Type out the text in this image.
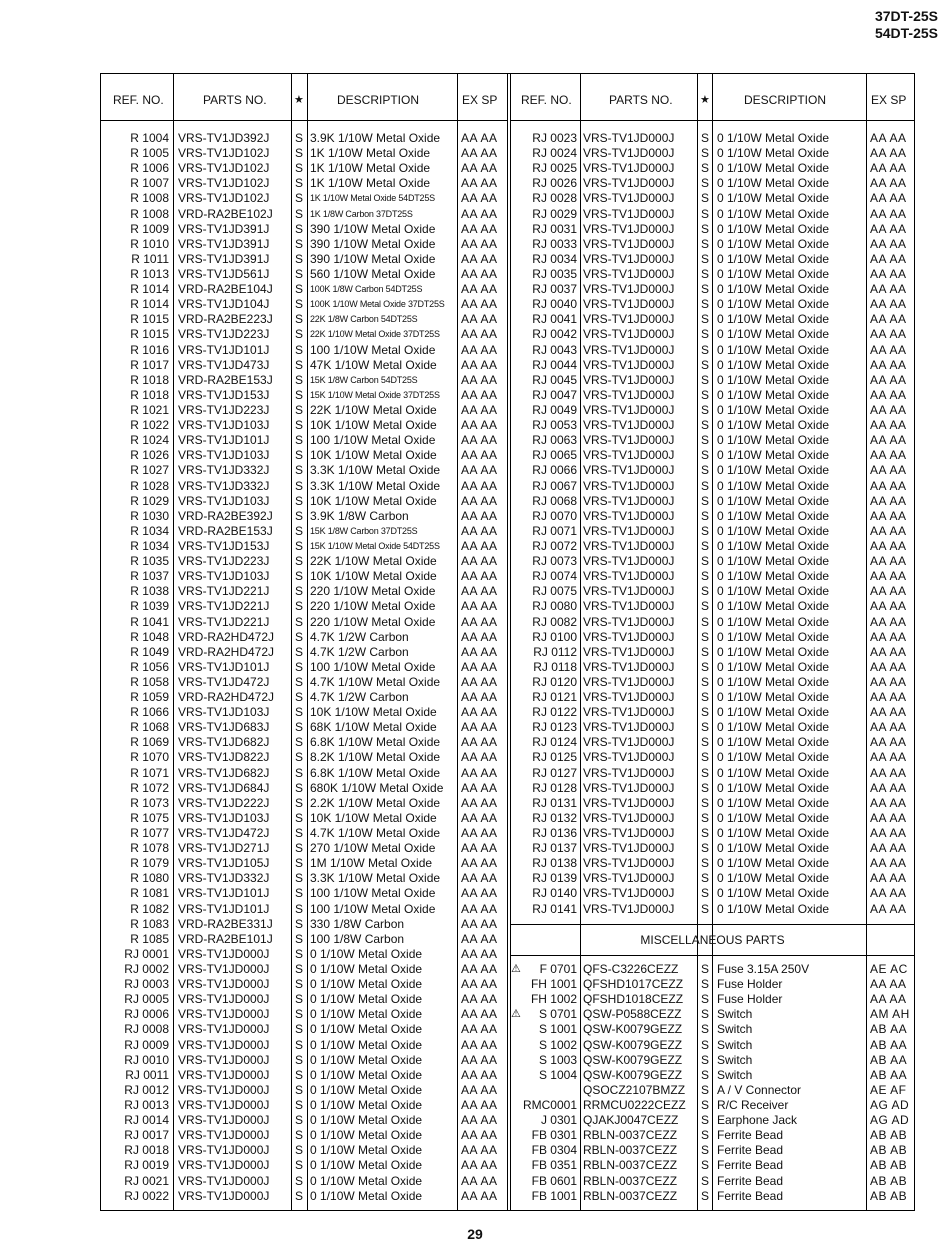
37DT-25S
54DT-25S
REF. NO.	PARTS NO. ★	DESCRIPTION	EX SP
R 1004 VRS-TV1JD392J S 3.9K 1/10W Metal Oxide	AA AA
R 1005 VRS-TV1JD102J S 1K 1/10W Metal Oxide	AA AA
R 1006 VRS-TV1JD102J S 1K 1/10W Metal Oxide	AA AA
R 1007 VRS-TV1JD102J S 1K 1/10W Metal Oxide	AA AA
R 1008 VRS-TV1JD102J S 1K 1/10W Metal Oxide 54DT25S	AA AA
R 1008 VRD-RA2BE102J S 1K 1/8W Carbon 37DT25S	AA AA
R 1009 VRS-TV1JD391J S 390 1/10W Metal Oxide	AA AA
R 1010 VRS-TV1JD391J S 390 1/10W Metal Oxide	AA AA
R 1011 VRS-TV1JD391J S 390 1/10W Metal Oxide	AA AA
R 1013 VRS-TV1JD561J S 560 1/10W Metal Oxide	AA AA
R 1014 VRD-RA2BE104J S 100K 1/8W Carbon 54DT25S	AA AA
R 1014 VRS-TV1JD104J S 100K 1/10W Metal Oxide 37DT25S	AA AA
R 1015 VRD-RA2BE223J S 22K 1/8W Carbon 54DT25S	AA AA
R 1015 VRS-TV1JD223J S 22K 1/10W Metal Oxide 37DT25S	AA AA
R 1016 VRS-TV1JD101J S 100 1/10W Metal Oxide	AA AA
R 1017 VRS-TV1JD473J S 47K 1/10W Metal Oxide	AA AA
R 1018 VRD-RA2BE153J S 15K 1/8W Carbon 54DT25S	AA AA
R 1018 VRS-TV1JD153J S 15K 1/10W Metal Oxide 37DT25S	AA AA
R 1021 VRS-TV1JD223J S 22K 1/10W Metal Oxide	AA AA
R 1022 VRS-TV1JD103J S 10K 1/10W Metal Oxide	AA AA
R 1024 VRS-TV1JD101J S 100 1/10W Metal Oxide	AA AA
R 1026 VRS-TV1JD103J S 10K 1/10W Metal Oxide	AA AA
R 1027 VRS-TV1JD332J S 3.3K 1/10W Metal Oxide	AA AA
R 1028 VRS-TV1JD332J S 3.3K 1/10W Metal Oxide	AA AA
R 1029 VRS-TV1JD103J S 10K 1/10W Metal Oxide	AA AA
R 1030 VRD-RA2BE392J S 3.9K 1/8W Carbon	AA AA
R 1034 VRD-RA2BE153J S 15K 1/8W Carbon 37DT25S	AA AA
R 1034 VRS-TV1JD153J S 15K 1/10W Metal Oxide 54DT25S	AA AA
R 1035 VRS-TV1JD223J S 22K 1/10W Metal Oxide	AA AA
R 1037 VRS-TV1JD103J S 10K 1/10W Metal Oxide	AA AA
R 1038 VRS-TV1JD221J S 220 1/10W Metal Oxide	AA AA
R 1039 VRS-TV1JD221J S 220 1/10W Metal Oxide	AA AA
R 1041 VRS-TV1JD221J S 220 1/10W Metal Oxide	AA AA
R 1048 VRD-RA2HD472J S 4.7K 1/2W Carbon	AA AA
R 1049 VRD-RA2HD472J S 4.7K 1/2W Carbon	AA AA
R 1056 VRS-TV1JD101J S 100 1/10W Metal Oxide	AA AA
R 1058 VRS-TV1JD472J S 4.7K 1/10W Metal Oxide	AA AA
R 1059 VRD-RA2HD472J S 4.7K 1/2W Carbon	AA AA
R 1066 VRS-TV1JD103J S 10K 1/10W Metal Oxide	AA AA
R 1068 VRS-TV1JD683J S 68K 1/10W Metal Oxide	AA AA
R 1069 VRS-TV1JD682J S 6.8K 1/10W Metal Oxide	AA AA
R 1070 VRS-TV1JD822J S 8.2K 1/10W Metal Oxide	AA AA
R 1071 VRS-TV1JD682J S 6.8K 1/10W Metal Oxide	AA AA
R 1072 VRS-TV1JD684J S 680K 1/10W Metal Oxide	AA AA
R 1073 VRS-TV1JD222J S 2.2K 1/10W Metal Oxide	AA AA
R 1075 VRS-TV1JD103J S 10K 1/10W Metal Oxide	AA AA
R 1077 VRS-TV1JD472J S 4.7K 1/10W Metal Oxide	AA AA
R 1078 VRS-TV1JD271J S 270 1/10W Metal Oxide	AA AA
R 1079 VRS-TV1JD105J S 1M 1/10W Metal Oxide	AA AA
R 1080 VRS-TV1JD332J S 3.3K 1/10W Metal Oxide	AA AA
R 1081 VRS-TV1JD101J S 100 1/10W Metal Oxide	AA AA
R 1082 VRS-TV1JD101J S 100 1/10W Metal Oxide	AA AA
R 1083 VRD-RA2BE331J S 330 1/8W Carbon	AA AA
R 1085 VRD-RA2BE101J S 100 1/8W Carbon	AA AA
RJ 0001 VRS-TV1JD000J S 0 1/10W Metal Oxide	AA AA
RJ 0002 VRS-TV1JD000J S 0 1/10W Metal Oxide	AA AA
RJ 0003 VRS-TV1JD000J S 0 1/10W Metal Oxide	AA AA
RJ 0005 VRS-TV1JD000J S 0 1/10W Metal Oxide	AA AA
RJ 0006 VRS-TV1JD000J S 0 1/10W Metal Oxide	AA AA
RJ 0008 VRS-TV1JD000J S 0 1/10W Metal Oxide	AA AA
RJ 0009 VRS-TV1JD000J S 0 1/10W Metal Oxide	AA AA
RJ 0010 VRS-TV1JD000J S 0 1/10W Metal Oxide	AA AA
RJ 0011 VRS-TV1JD000J S 0 1/10W Metal Oxide	AA AA
RJ 0012 VRS-TV1JD000J S 0 1/10W Metal Oxide	AA AA
RJ 0013 VRS-TV1JD000J S 0 1/10W Metal Oxide	AA AA
RJ 0014 VRS-TV1JD000J S 0 1/10W Metal Oxide	AA AA
RJ 0017 VRS-TV1JD000J S 0 1/10W Metal Oxide	AA AA
RJ 0018 VRS-TV1JD000J S 0 1/10W Metal Oxide	AA AA
RJ 0019 VRS-TV1JD000J S 0 1/10W Metal Oxide	AA AA
RJ 0021 VRS-TV1JD000J S 0 1/10W Metal Oxide	AA AA
RJ 0022 VRS-TV1JD000J S 0 1/10W Metal Oxide	AA AA
REF. NO.	PARTS NO. ★	DESCRIPTION	EX SP
RJ 0023 VRS-TV1JD000J S 0 1/10W Metal Oxide	AA AA
RJ 0024 VRS-TV1JD000J S 0 1/10W Metal Oxide	AA AA
RJ 0025 VRS-TV1JD000J S 0 1/10W Metal Oxide	AA AA
RJ 0026 VRS-TV1JD000J S 0 1/10W Metal Oxide	AA AA
RJ 0028 VRS-TV1JD000J S 0 1/10W Metal Oxide	AA AA
RJ 0029 VRS-TV1JD000J S 0 1/10W Metal Oxide	AA AA
RJ 0031 VRS-TV1JD000J S 0 1/10W Metal Oxide	AA AA
RJ 0033 VRS-TV1JD000J S 0 1/10W Metal Oxide	AA AA
RJ 0034 VRS-TV1JD000J S 0 1/10W Metal Oxide	AA AA
RJ 0035 VRS-TV1JD000J S 0 1/10W Metal Oxide	AA AA
RJ 0037 VRS-TV1JD000J S 0 1/10W Metal Oxide	AA AA
RJ 0040 VRS-TV1JD000J S 0 1/10W Metal Oxide	AA AA
RJ 0041 VRS-TV1JD000J S 0 1/10W Metal Oxide	AA AA
RJ 0042 VRS-TV1JD000J S 0 1/10W Metal Oxide	AA AA
RJ 0043 VRS-TV1JD000J S 0 1/10W Metal Oxide	AA AA
RJ 0044 VRS-TV1JD000J S 0 1/10W Metal Oxide	AA AA
RJ 0045 VRS-TV1JD000J S 0 1/10W Metal Oxide	AA AA
RJ 0047 VRS-TV1JD000J S 0 1/10W Metal Oxide	AA AA
RJ 0049 VRS-TV1JD000J S 0 1/10W Metal Oxide	AA AA
RJ 0053 VRS-TV1JD000J S 0 1/10W Metal Oxide	AA AA
RJ 0063 VRS-TV1JD000J S 0 1/10W Metal Oxide	AA AA
RJ 0065 VRS-TV1JD000J S 0 1/10W Metal Oxide	AA AA
RJ 0066 VRS-TV1JD000J S 0 1/10W Metal Oxide	AA AA
RJ 0067 VRS-TV1JD000J S 0 1/10W Metal Oxide	AA AA
RJ 0068 VRS-TV1JD000J S 0 1/10W Metal Oxide	AA AA
RJ 0070 VRS-TV1JD000J S 0 1/10W Metal Oxide	AA AA
RJ 0071 VRS-TV1JD000J S 0 1/10W Metal Oxide	AA AA
RJ 0072 VRS-TV1JD000J S 0 1/10W Metal Oxide	AA AA
RJ 0073 VRS-TV1JD000J S 0 1/10W Metal Oxide	AA AA
RJ 0074 VRS-TV1JD000J S 0 1/10W Metal Oxide	AA AA
RJ 0075 VRS-TV1JD000J S 0 1/10W Metal Oxide	AA AA
RJ 0080 VRS-TV1JD000J S 0 1/10W Metal Oxide	AA AA
RJ 0082 VRS-TV1JD000J S 0 1/10W Metal Oxide	AA AA
RJ 0100 VRS-TV1JD000J S 0 1/10W Metal Oxide	AA AA
RJ 0112 VRS-TV1JD000J S 0 1/10W Metal Oxide	AA AA
RJ 0118 VRS-TV1JD000J S 0 1/10W Metal Oxide	AA AA
RJ 0120 VRS-TV1JD000J S 0 1/10W Metal Oxide	AA AA
RJ 0121 VRS-TV1JD000J S 0 1/10W Metal Oxide	AA AA
RJ 0122 VRS-TV1JD000J S 0 1/10W Metal Oxide	AA AA
RJ 0123 VRS-TV1JD000J S 0 1/10W Metal Oxide	AA AA
RJ 0124 VRS-TV1JD000J S 0 1/10W Metal Oxide	AA AA
RJ 0125 VRS-TV1JD000J S 0 1/10W Metal Oxide	AA AA
RJ 0127 VRS-TV1JD000J S 0 1/10W Metal Oxide	AA AA
RJ 0128 VRS-TV1JD000J S 0 1/10W Metal Oxide	AA AA
RJ 0131 VRS-TV1JD000J S 0 1/10W Metal Oxide	AA AA
RJ 0132 VRS-TV1JD000J S 0 1/10W Metal Oxide	AA AA
RJ 0136 VRS-TV1JD000J S 0 1/10W Metal Oxide	AA AA
RJ 0137 VRS-TV1JD000J S 0 1/10W Metal Oxide	AA AA
RJ 0138 VRS-TV1JD000J S 0 1/10W Metal Oxide	AA AA
RJ 0139 VRS-TV1JD000J S 0 1/10W Metal Oxide	AA AA
RJ 0140 VRS-TV1JD000J S 0 1/10W Metal Oxide	AA AA
RJ 0141 VRS-TV1JD000J S 0 1/10W Metal Oxide	AA AA
MISCELLANEOUS PARTS
⚠	F 0701 QFS-C3226CEZZ S Fuse 3.15A 250V	AE AC
FH 1001 QFSHD1017CEZZ S Fuse Holder	AA AA
FH 1002 QFSHD1018CEZZ S Fuse Holder	AA AA
⚠	S 0701 QSW-P0588CEZZ S Switch	AM AH
S 1001 QSW-K0079GEZZ S Switch	AB AA
S 1002 QSW-K0079GEZZ S Switch	AB AA
S 1003 QSW-K0079GEZZ S Switch	AB AA
S 1004 QSW-K0079GEZZ S Switch	AB AA
QSOCZ2107BMZZ S A / V Connector	AE AF
RMC0001 RRMCU0222CEZZ S R/C Receiver	AG AD
J 0301 QJAKJ0047CEZZ S Earphone Jack	AG AD
FB 0301 RBLN-0037CEZZ S Ferrite Bead	AB AB
FB 0304 RBLN-0037CEZZ S Ferrite Bead	AB AB
FB 0351 RBLN-0037CEZZ S Ferrite Bead	AB AB
FB 0601 RBLN-0037CEZZ S Ferrite Bead	AB AB
FB 1001 RBLN-0037CEZZ S Ferrite Bead	AB AB
29
